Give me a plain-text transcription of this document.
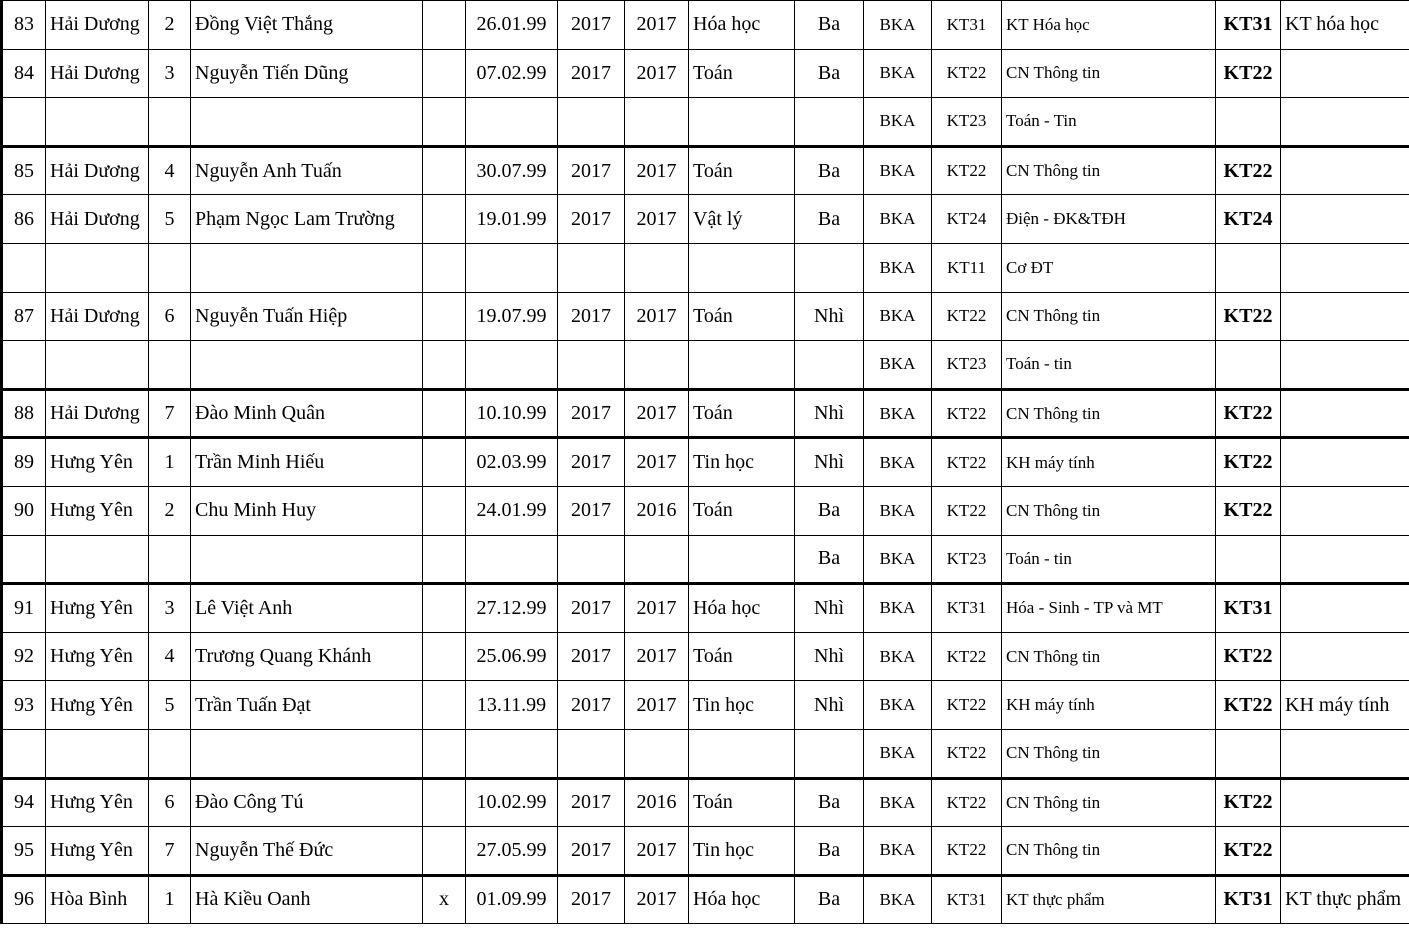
83	Hải Dương	2	Đồng Việt Thắng		26.01.99	2017	2017	Hóa học	Ba	BKA	KT31	KT Hóa học	KT31	KT hóa học
84	Hải Dương	3	Nguyễn Tiến Dũng		07.02.99	2017	2017	Toán	Ba	BKA	KT22	CN Thông tin	KT22	
										BKA	KT23	Toán - Tin		
85	Hải Dương	4	Nguyễn Anh Tuấn		30.07.99	2017	2017	Toán	Ba	BKA	KT22	CN Thông tin	KT22	
86	Hải Dương	5	Phạm Ngọc Lam Trường		19.01.99	2017	2017	Vật lý	Ba	BKA	KT24	Điện - ĐK&TĐH	KT24	
										BKA	KT11	Cơ ĐT		
87	Hải Dương	6	Nguyễn Tuấn Hiệp		19.07.99	2017	2017	Toán	Nhì	BKA	KT22	CN Thông tin	KT22	
										BKA	KT23	Toán - tin		
88	Hải Dương	7	Đào Minh Quân		10.10.99	2017	2017	Toán	Nhì	BKA	KT22	CN Thông tin	KT22	
89	Hưng Yên	1	Trần Minh Hiếu		02.03.99	2017	2017	Tin học	Nhì	BKA	KT22	KH máy tính	KT22	
90	Hưng Yên	2	Chu Minh Huy		24.01.99	2017	2016	Toán	Ba	BKA	KT22	CN Thông tin	KT22	
									Ba	BKA	KT23	Toán - tin		
91	Hưng Yên	3	Lê Việt Anh		27.12.99	2017	2017	Hóa học	Nhì	BKA	KT31	Hóa - Sinh - TP và MT	KT31	
92	Hưng Yên	4	Trương Quang Khánh		25.06.99	2017	2017	Toán	Nhì	BKA	KT22	CN Thông tin	KT22	
93	Hưng Yên	5	Trần Tuấn Đạt		13.11.99	2017	2017	Tin học	Nhì	BKA	KT22	KH máy tính	KT22	KH máy tính
										BKA	KT22	CN Thông tin		
94	Hưng Yên	6	Đào Công Tú		10.02.99	2017	2016	Toán	Ba	BKA	KT22	CN Thông tin	KT22	
95	Hưng Yên	7	Nguyễn Thế Đức		27.05.99	2017	2017	Tin học	Ba	BKA	KT22	CN Thông tin	KT22	
96	Hòa Bình	1	Hà Kiều Oanh	x	01.09.99	2017	2017	Hóa học	Ba	BKA	KT31	KT thực phẩm	KT31	KT thực phẩm
